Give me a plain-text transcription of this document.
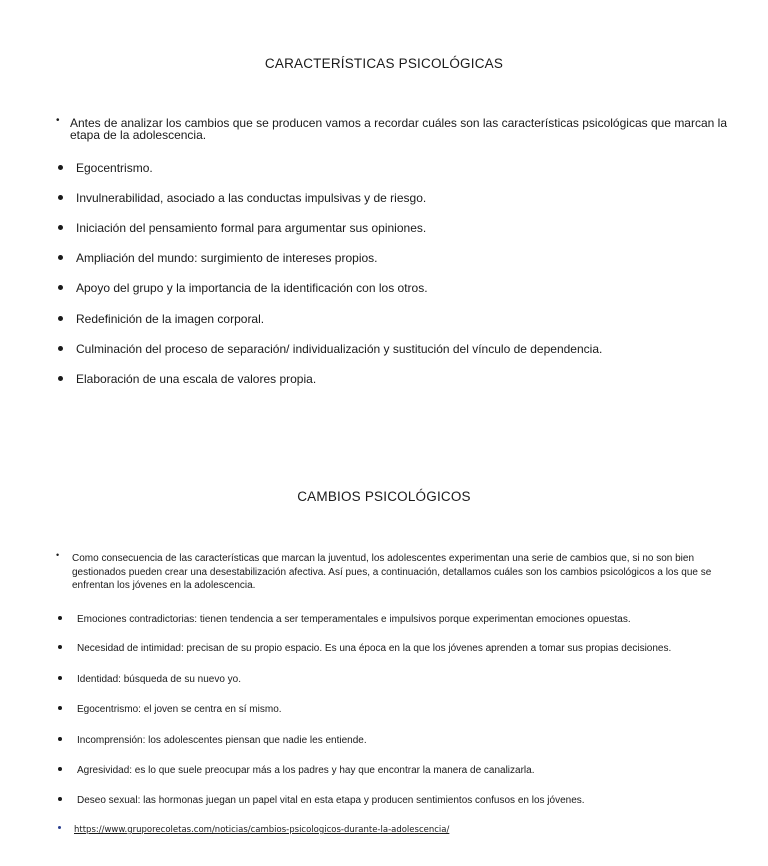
CARACTERÍSTICAS PSICOLÓGICAS
• Antes de analizar los cambios que se producen vamos a recordar cuáles son las características psicológicas que marcan la etapa de la adolescencia.
Egocentrismo.
Invulnerabilidad, asociado a las conductas impulsivas y de riesgo.
Iniciación del pensamiento formal para argumentar sus opiniones.
Ampliación del mundo: surgimiento de intereses propios.
Apoyo del grupo y la importancia de la identificación con los otros.
Redefinición de la imagen corporal.
Culminación del proceso de separación/ individualización y sustitución del vínculo de dependencia.
Elaboración de una escala de valores propia.
CAMBIOS PSICOLÓGICOS
•	Como consecuencia de las características que marcan la juventud, los adolescentes experimentan una serie de cambios que, si no son bien gestionados pueden crear una desestabilización afectiva. Así pues, a continuación, detallamos cuáles son los cambios psicológicos a los que se enfrentan los jóvenes en la adolescencia.
Emociones contradictorias: tienen tendencia a ser temperamentales e impulsivos porque experimentan emociones opuestas.
Necesidad de intimidad: precisan de su propio espacio. Es una época en la que los jóvenes aprenden a tomar sus propias decisiones.
Identidad: búsqueda de su nuevo yo.
Egocentrismo: el joven se centra en sí mismo.
Incomprensión: los adolescentes piensan que nadie les entiende.
Agresividad: es lo que suele preocupar más a los padres y hay que encontrar la manera de canalizarla.
Deseo sexual: las hormonas juegan un papel vital en esta etapa y producen sentimientos confusos en los jóvenes.
https://www.gruporecoletas.com/noticias/cambios-psicologicos-durante-la-adolescencia/
